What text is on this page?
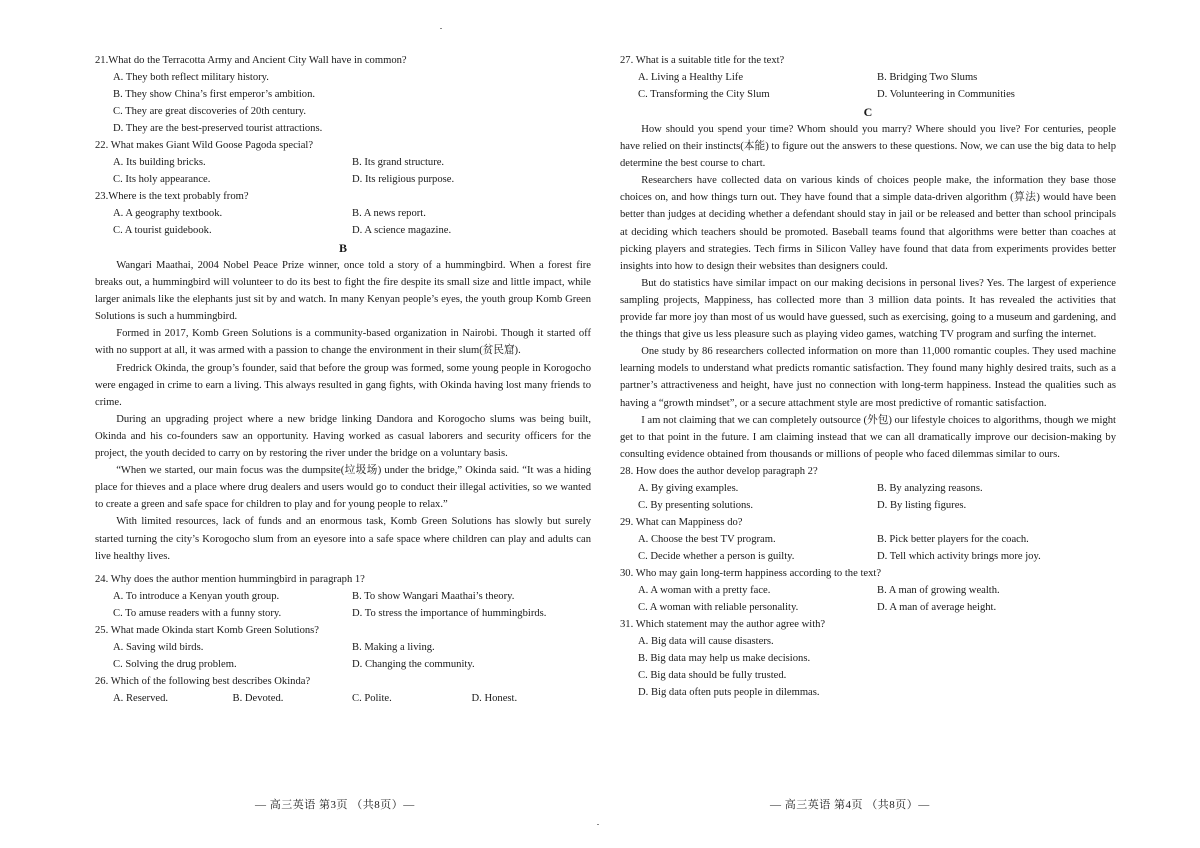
21.What do the Terracotta Army and Ancient City Wall have in common?

A. They both reflect military history.
B. They show China’s first emperor’s ambition.
C. They are great discoveries of 20th century.
D. They are the best-preserved tourist attractions.

22. What makes Giant Wild Goose Pagoda special?

A. Its building bricks.	B. Its grand structure.
C. Its holy appearance.	D. Its religious purpose.

23.Where is the text probably from?

A. A geography textbook.	B. A news report.
C. A tourist guidebook.	D. A science magazine.
B

Wangari Maathai, 2004 Nobel Peace Prize winner, once told a story of a hummingbird. When a forest fire breaks out, a hummingbird will volunteer to do its best to fight the fire despite its small size and little impact, while larger animals like the elephants just sit by and watch. In many Kenyan people’s eyes, the youth group Komb Green Solutions is such a hummingbird.

Formed in 2017, Komb Green Solutions is a community-based organization in Nairobi. Though it started off with no support at all, it was armed with a passion to change the environment in their slum(贫民窟).

Fredrick Okinda, the group’s founder, said that before the group was formed, some young people in Korogocho were engaged in crime to earn a living. This always resulted in gang fights, with Okinda having lost many friends to crime.

During an upgrading project where a new bridge linking Dandora and Korogocho slums was being built, Okinda and his co-founders saw an opportunity. Having worked as casual laborers and security officers for the project, the youth decided to carry on by restoring the river under the bridge on a voluntary basis.

“When we started, our main focus was the dumpsite(垃圾场) under the bridge,” Okinda said. “It was a hiding place for thieves and a place where drug dealers and users would go to conduct their illegal activities, so we wanted to create a green and safe space for children to play and for young people to relax.”

With limited resources, lack of funds and an enormous task, Komb Green Solutions has slowly but surely started turning the city’s Korogocho slum from an eyesore into a safe space where children can play and adults can live healthy lives.

24. Why does the author mention hummingbird in paragraph 1?

A. To introduce a Kenyan youth group.	B. To show Wangari Maathai’s theory.
C. To amuse readers with a funny story.	D. To stress the importance of hummingbirds.

25. What made Okinda start Komb Green Solutions?

A. Saving wild birds.	B. Making a living.
C. Solving the drug problem.	D. Changing the community.

26. Which of the following best describes Okinda?

A. Reserved.	B. Devoted.	C. Polite.	D. Honest.

27. What is a suitable title for the text?

A. Living a Healthy Life	B. Bridging Two Slums
C. Transforming the City Slum	D. Volunteering in Communities
C

How should you spend your time? Whom should you marry? Where should you live? For centuries, people have relied on their instincts(本能) to figure out the answers to these questions. Now, we can use the big data to help determine the best course to chart.

Researchers have collected data on various kinds of choices people make, the information they base those choices on, and how things turn out. They have found that a simple data-driven algorithm (算法) would have been better than judges at deciding whether a defendant should stay in jail or be released and better than school principals at deciding which teachers should be promoted. Baseball teams found that algorithms were better than coaches at picking players and strategies. Tech firms in Silicon Valley have found that data from experiments provides better insights into how to design their websites than designers could.

But do statistics have similar impact on our making decisions in personal lives? Yes. The largest of experience sampling projects, Mappiness, has collected more than 3 million data points. It has revealed the activities that provide far more joy than most of us would have guessed, such as exercising, going to a museum and gardening, and the things that give us less pleasure such as playing video games, watching TV program and surfing the internet.

One study by 86 researchers collected information on more than 11,000 romantic couples. They used machine learning models to understand what predicts romantic satisfaction. They found many highly desired traits, such as a partner’s attractiveness and height, have just no connection with long-term happiness. Instead the qualities such as having a “growth mindset”, or a secure attachment style are most predictive of romantic satisfaction.

I am not claiming that we can completely outsource (外包) our lifestyle choices to algorithms, though we might get to that point in the future. I am claiming instead that we can all dramatically improve our decision-making by consulting evidence obtained from thousands or millions of people who faced dilemmas similar to ours.

28. How does the author develop paragraph 2?

A. By giving examples.	B. By analyzing reasons.
C. By presenting solutions.	D. By listing figures.

29. What can Mappiness do?

A. Choose the best TV program.	B. Pick better players for the coach.
C. Decide whether a person is guilty.	D. Tell which activity brings more joy.

30. Who may gain long-term happiness according to the text?

A. A woman with a pretty face.	B. A man of growing wealth.
C. A woman with reliable personality.	D. A man of average height.

31. Which statement may the author agree with?

A. Big data will cause disasters.
B. Big data may help us make decisions.
C. Big data should be fully trusted.
D. Big data often puts people in dilemmas.
— 高三英语 第3页 （共8页）—	— 高三英语 第4页 （共8页）—
